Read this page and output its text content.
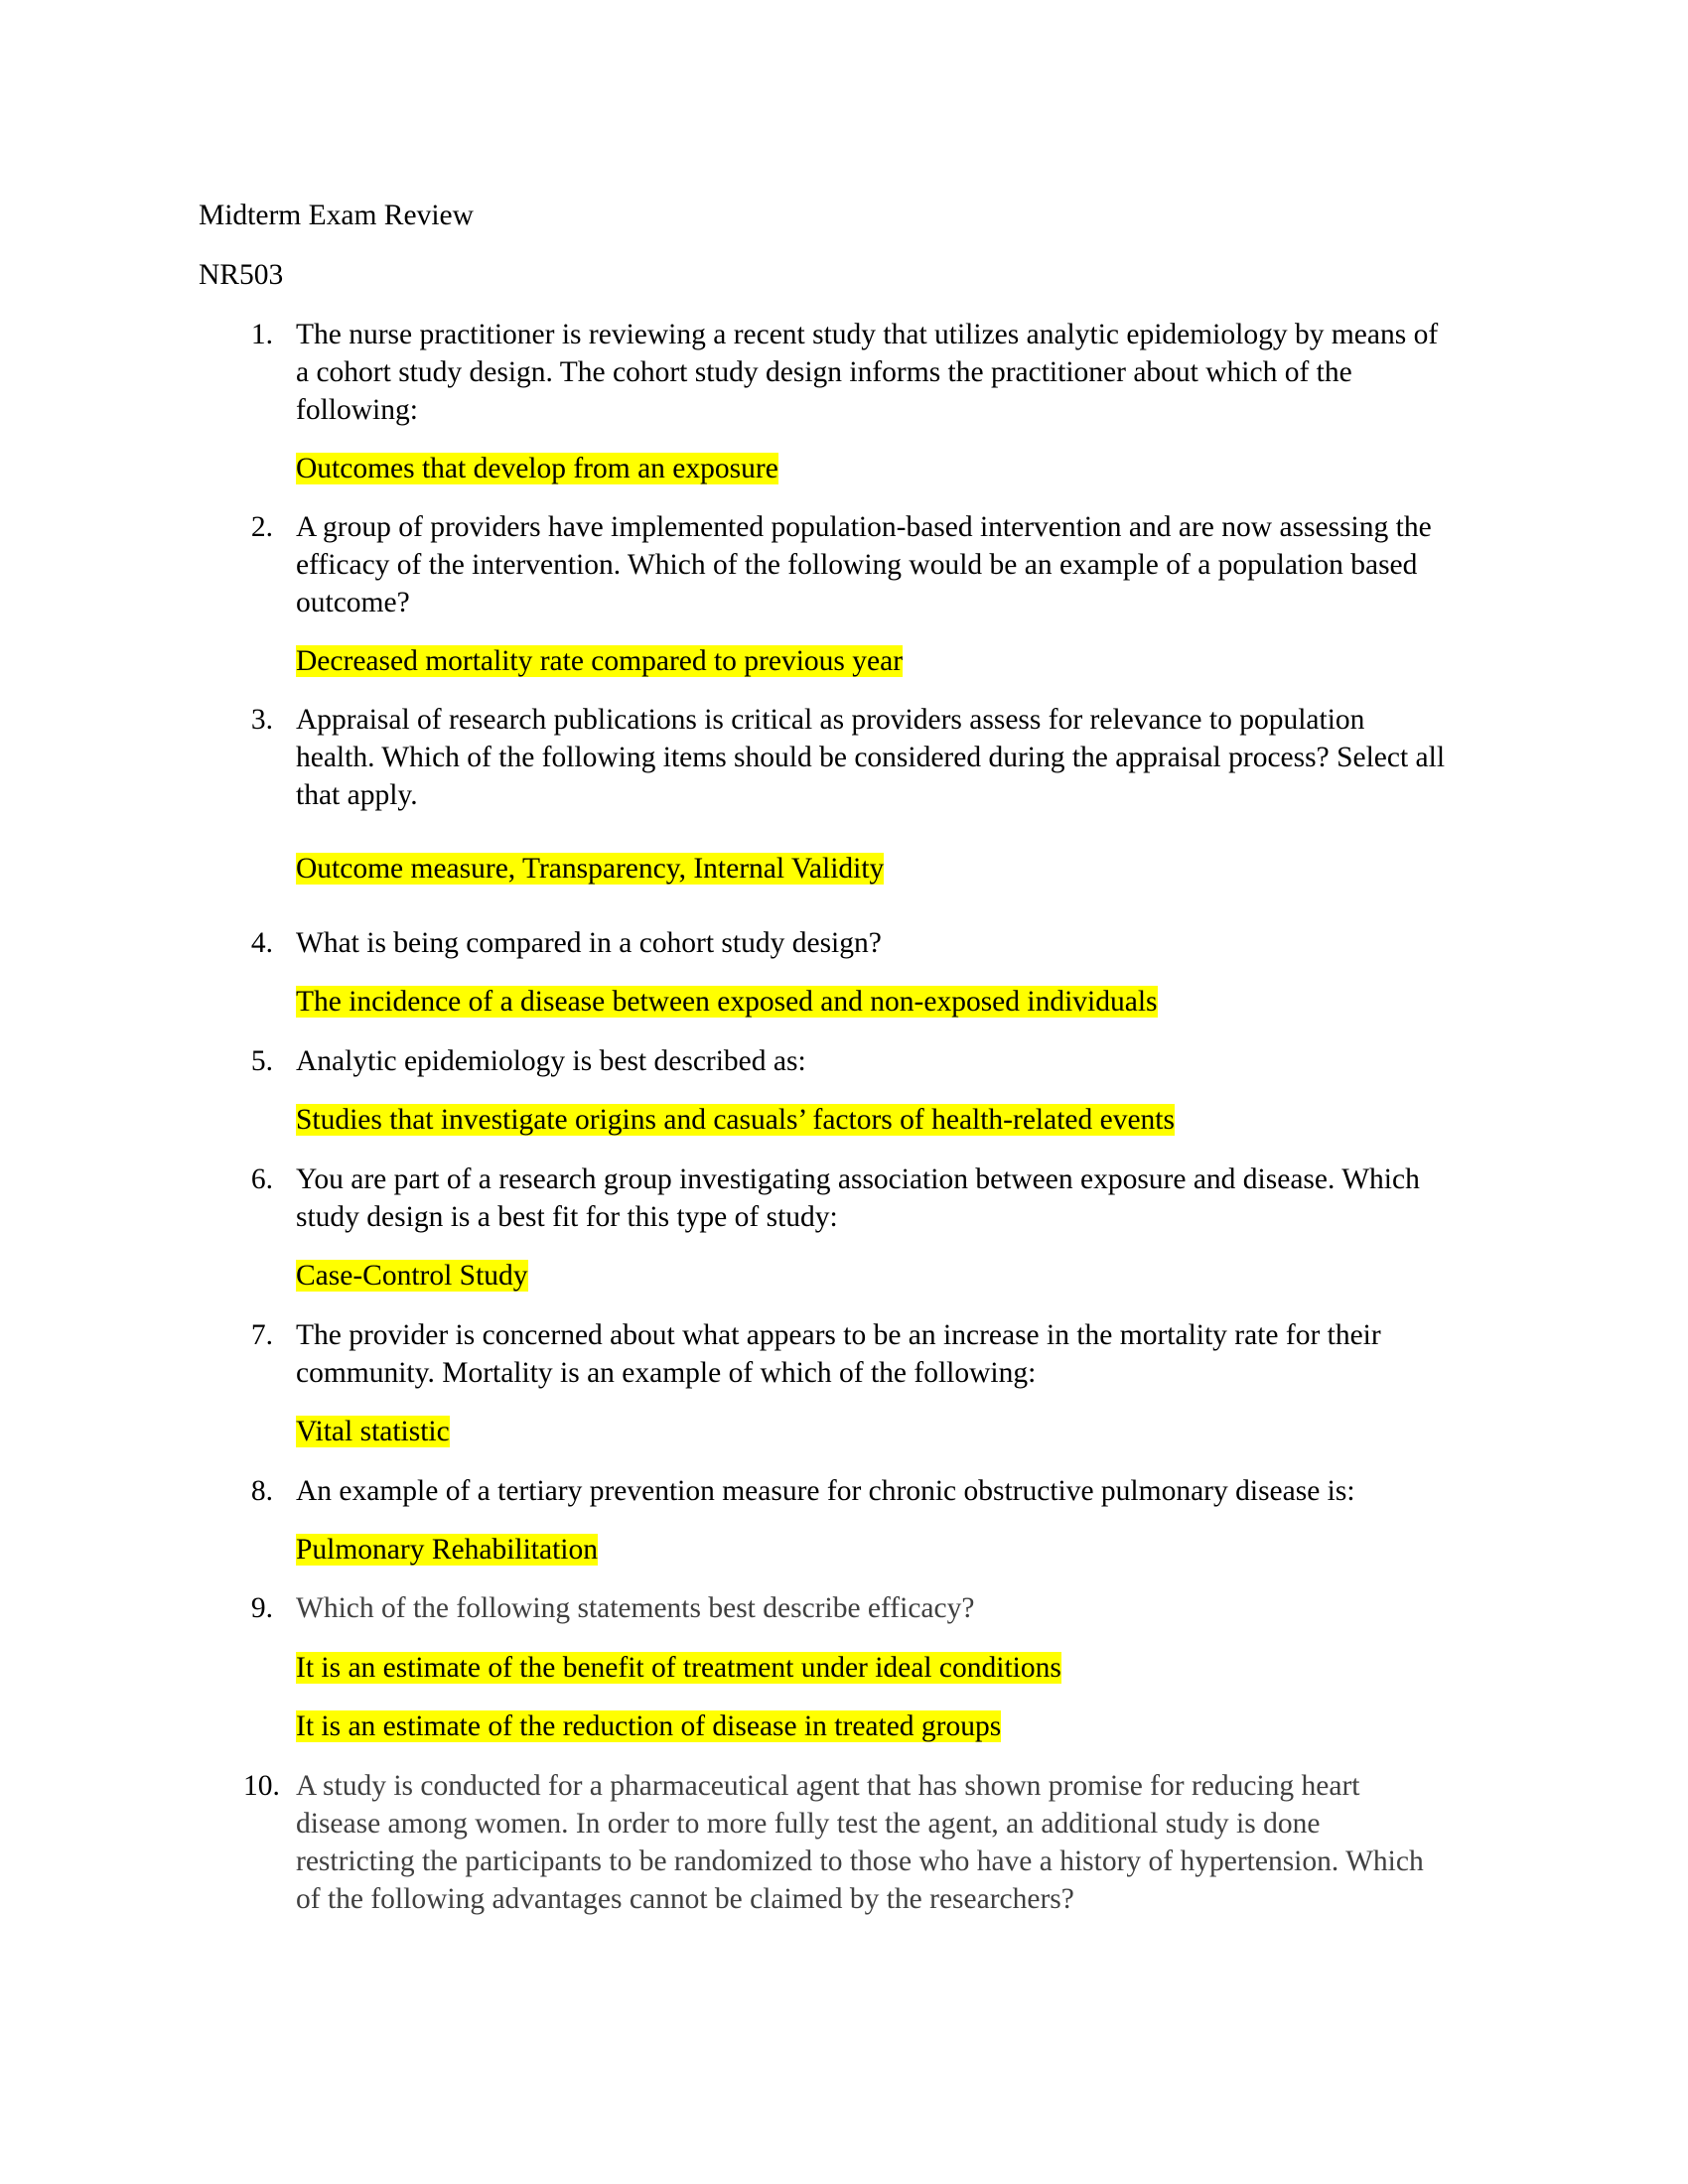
Midterm Exam Review
NR503
1. The nurse practitioner is reviewing a recent study that utilizes analytic epidemiology by means of
a cohort study design. The cohort study design informs the practitioner about which of the
following:
Outcomes that develop from an exposure
2. A group of providers have implemented population-based intervention and are now assessing the
efficacy of the intervention. Which of the following would be an example of a population based
outcome?
Decreased mortality rate compared to previous year
3. Appraisal of research publications is critical as providers assess for relevance to population
health. Which of the following items should be considered during the appraisal process? Select all
that apply.
Outcome measure, Transparency, Internal Validity
4. What is being compared in a cohort study design?
The incidence of a disease between exposed and non-exposed individuals
5. Analytic epidemiology is best described as:
Studies that investigate origins and casuals’ factors of health-related events
6. You are part of a research group investigating association between exposure and disease. Which
study design is a best fit for this type of study:
Case-Control Study
7. The provider is concerned about what appears to be an increase in the mortality rate for their
community. Mortality is an example of which of the following:
Vital statistic
8. An example of a tertiary prevention measure for chronic obstructive pulmonary disease is:
Pulmonary Rehabilitation
9. Which of the following statements best describe efficacy?
It is an estimate of the benefit of treatment under ideal conditions
It is an estimate of the reduction of disease in treated groups
10. A study is conducted for a pharmaceutical agent that has shown promise for reducing heart
disease among women. In order to more fully test the agent, an additional study is done
restricting the participants to be randomized to those who have a history of hypertension. Which
of the following advantages cannot be claimed by the researchers?
